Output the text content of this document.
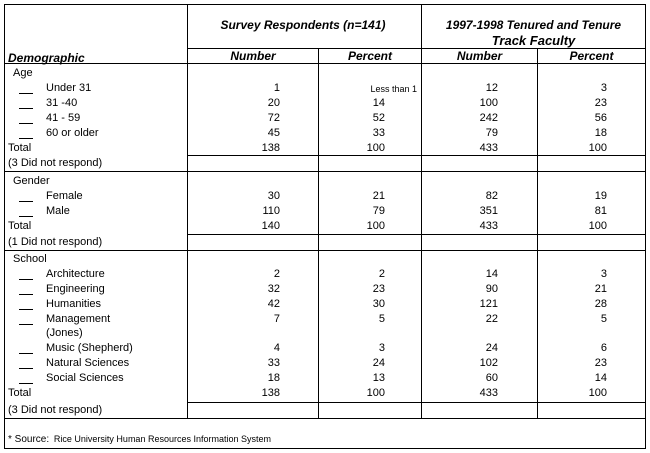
Survey Respondents (n=141)	1997-1998 Tenured and Tenure
Track Faculty
Demographic	Number	Percent	Number	Percent
Age
Under 31	1	Less than 1	12	3
31 -40	20	14	100	23
41 - 59	72	52	242	56
60 or older	45	33	79	18
Total	138	100	433	100
(3 Did not respond)
Gender
Female	30	21	82	19
Male	110	79	351	81
Total	140	100	433	100
(1 Did not respond)
School
Architecture	2	2	14	3
Engineering	32	23	90	21
Humanities	42	30	121	28
Management	7	5	22	5
(Jones)
Music (Shepherd)	4	3	24	6
Natural Sciences	33	24	102	23
Social Sciences	18	13	60	14
Total	138	100	433	100
(3 Did not respond)
* Source: Rice University Human Resources Information System
